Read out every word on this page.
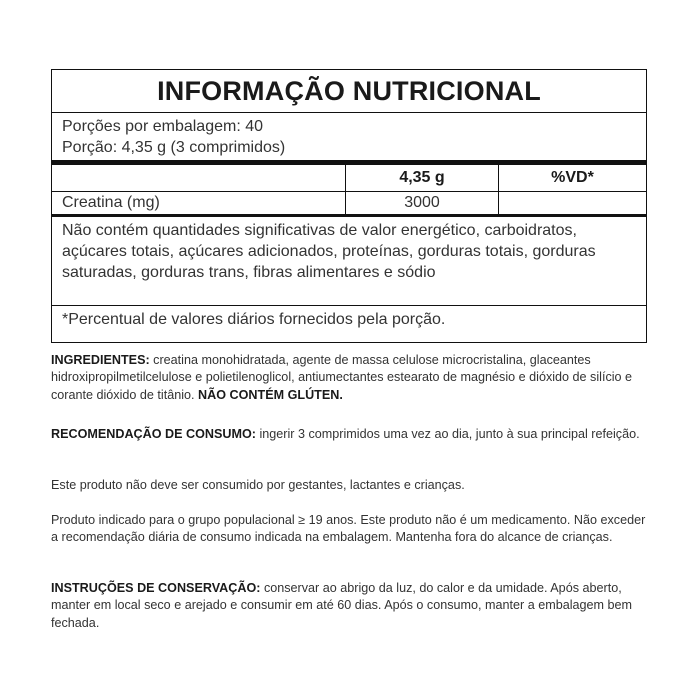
INFORMAÇÃO NUTRICIONAL
Porções por embalagem: 40
Porção: 4,35 g (3 comprimidos)
4,35 g	%VD*
Creatina (mg)	3000
Não contém quantidades significativas de valor energético, carboidratos, açúcares totais, açúcares adicionados, proteínas, gorduras totais, gorduras saturadas, gorduras trans, fibras alimentares e sódio
*Percentual de valores diários fornecidos pela porção.
INGREDIENTES: creatina monohidratada, agente de massa celulose microcristalina, glaceantes hidroxipropilmetilcelulose e polietilenoglicol, antiumectantes estearato de magnésio e dióxido de silício e corante dióxido de titânio. NÃO CONTÉM GLÚTEN.
RECOMENDAÇÃO DE CONSUMO: ingerir 3 comprimidos uma vez ao dia, junto à sua principal refeição.
Este produto não deve ser consumido por gestantes, lactantes e crianças.
Produto indicado para o grupo populacional ≥ 19 anos. Este produto não é um medicamento. Não exceder a recomendação diária de consumo indicada na embalagem. Mantenha fora do alcance de crianças.
INSTRUÇÕES DE CONSERVAÇÃO: conservar ao abrigo da luz, do calor e da umidade. Após aberto, manter em local seco e arejado e consumir em até 60 dias. Após o consumo, manter a embalagem bem fechada.
